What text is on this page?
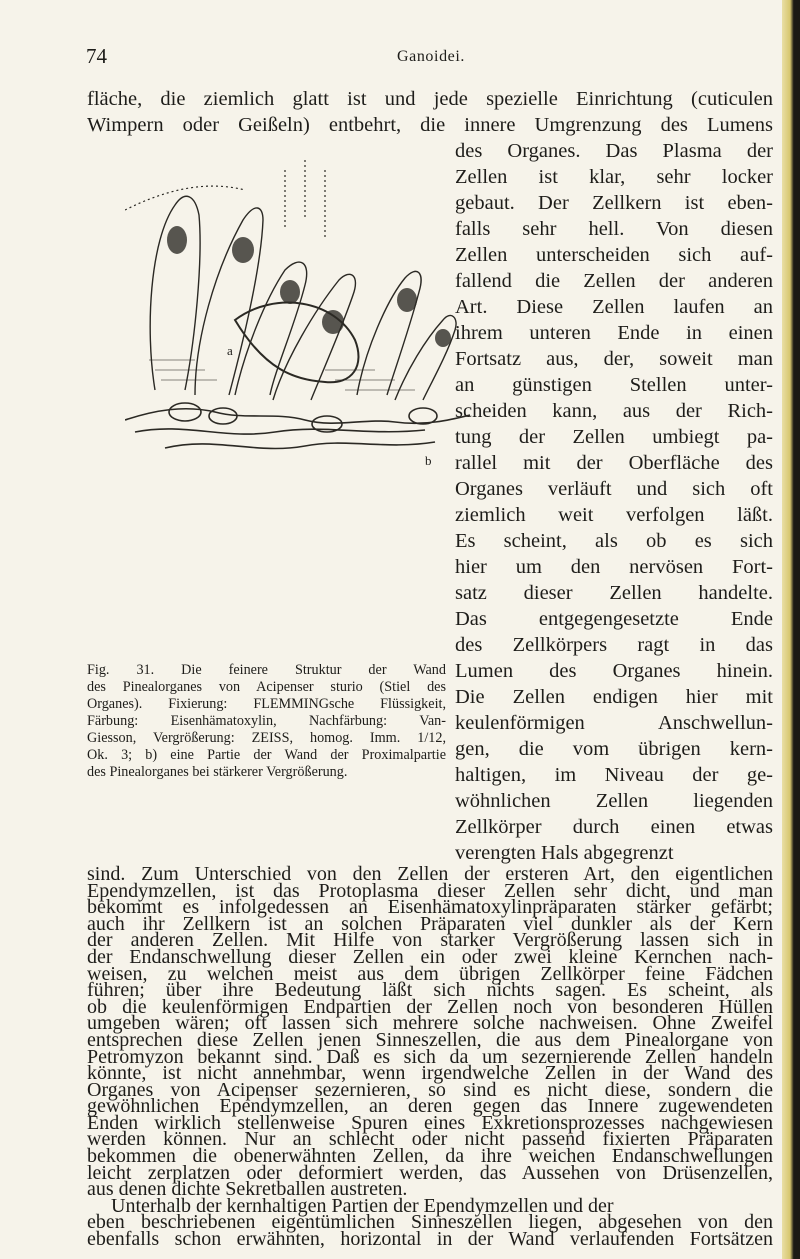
74	Ganoidei.
fläche, die ziemlich glatt ist und jede spezielle Einrichtung (cuticulen
Wimpern oder Geißeln) entbehrt, die innere Umgrenzung des Lumens
des Organes. Das Plasma der
Zellen ist klar, sehr locker
gebaut. Der Zellkern ist eben-
falls sehr hell. Von diesen
Zellen unterscheiden sich auf-
fallend die Zellen der anderen
Art. Diese Zellen laufen an
ihrem unteren Ende in einen
Fortsatz aus, der, soweit man
an günstigen Stellen unter-
scheiden kann, aus der Rich-
tung der Zellen umbiegt pa-
rallel mit der Oberfläche des
Organes verläuft und sich oft
ziemlich weit verfolgen läßt.
Es scheint, als ob es sich
hier um den nervösen Fort-
satz dieser Zellen handelte.
Das entgegengesetzte Ende
des Zellkörpers ragt in das
Lumen des Organes hinein.
Die Zellen endigen hier mit
keulenförmigen Anschwellun-
gen, die vom übrigen kern-
haltigen, im Niveau der ge-
wöhnlichen Zellen liegenden
Zellkörper durch einen etwas
verengten Hals abgegrenzt
a
b
Fig. 31. Die feinere Struktur der Wand
des Pinealorganes von Acipenser sturio (Stiel des
Organes). Fixierung: FLEMMINGsche Flüssigkeit,
Färbung: Eisenhämatoxylin, Nachfärbung: Van-
Giesson, Vergrößerung: ZEISS, homog. Imm. 1/12,
Ok. 3; b) eine Partie der Wand der Proximalpartie
des Pinealorganes bei stärkerer Vergrößerung.
sind. Zum Unterschied von den Zellen der ersteren Art, den eigentlichen
Ependymzellen, ist das Protoplasma dieser Zellen sehr dicht, und man
bekommt es infolgedessen an Eisenhämatoxylinpräparaten stärker gefärbt;
auch ihr Zellkern ist an solchen Präparaten viel dunkler als der Kern
der anderen Zellen. Mit Hilfe von starker Vergrößerung lassen sich in
der Endanschwellung dieser Zellen ein oder zwei kleine Kernchen nach-
weisen, zu welchen meist aus dem übrigen Zellkörper feine Fädchen
führen; über ihre Bedeutung läßt sich nichts sagen. Es scheint, als
ob die keulenförmigen Endpartien der Zellen noch von besonderen Hüllen
umgeben wären; oft lassen sich mehrere solche nachweisen. Ohne Zweifel
entsprechen diese Zellen jenen Sinneszellen, die aus dem Pinealorgane von
Petromyzon bekannt sind. Daß es sich da um sezernierende Zellen handeln
könnte, ist nicht annehmbar, wenn irgendwelche Zellen in der Wand des
Organes von Acipenser sezernieren, so sind es nicht diese, sondern die
gewöhnlichen Ependymzellen, an deren gegen das Innere zugewendeten
Enden wirklich stellenweise Spuren eines Exkretionsprozesses nachgewiesen
werden können. Nur an schlecht oder nicht passend fixierten Präparaten
bekommen die obenerwähnten Zellen, da ihre weichen Endanschwellungen
leicht zerplatzen oder deformiert werden, das Aussehen von Drüsenzellen,
aus denen dichte Sekretballen austreten.
Unterhalb der kernhaltigen Partien der Ependymzellen und der
eben beschriebenen eigentümlichen Sinneszellen liegen, abgesehen von den
ebenfalls schon erwähnten, horizontal in der Wand verlaufenden Fortsätzen
